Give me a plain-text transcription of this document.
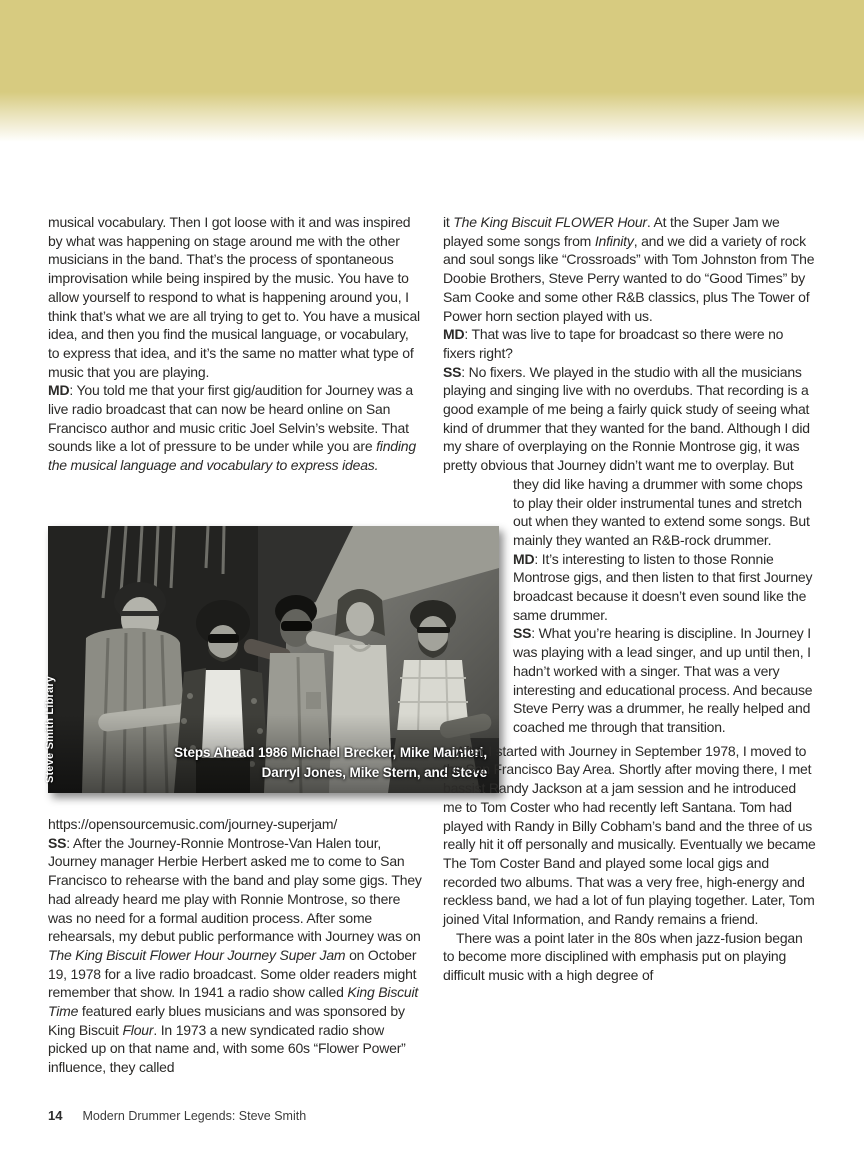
musical vocabulary. Then I got loose with it and was inspired by what was happening on stage around me with the other musicians in the band. That’s the process of spontaneous improvisation while being inspired by the music. You have to allow yourself to respond to what is happening around you, I think that’s what we are all trying to get to. You have a musical idea, and then you find the musical language, or vocabulary, to express that idea, and it’s the same no matter what type of music that you are playing.

MD: You told me that your first gig/audition for Journey was a live radio broadcast that can now be heard online on San Francisco author and music critic Joel Selvin’s website. That sounds like a lot of pressure to be under while you are finding the musical language and vocabulary to express ideas.

Steps Ahead 1986 Michael Brecker, Mike Mainieri,
Darryl Jones, Mike Stern, and Steve
Steve Smith Library

https://opensourcemusic.com/journey-superjam/

SS: After the Journey-Ronnie Montrose-Van Halen tour, Journey manager Herbie Herbert asked me to come to San Francisco to rehearse with the band and play some gigs. They had already heard me play with Ronnie Montrose, so there was no need for a formal audition process. After some rehearsals, my debut public performance with Journey was on The King Biscuit Flower Hour Journey Super Jam on October 19, 1978 for a live radio broadcast. Some older readers might remember that show. In 1941 a radio show called King Biscuit Time featured early blues musicians and was sponsored by King Biscuit Flour. In 1973 a new syndicated radio show picked up on that name and, with some 60s “Flower Power” influence, they called

it The King Biscuit FLOWER Hour. At the Super Jam we played some songs from Infinity, and we did a variety of rock and soul songs like “Crossroads” with Tom Johnston from The Doobie Brothers, Steve Perry wanted to do “Good Times” by Sam Cooke and some other R&B classics, plus The Tower of Power horn section played with us.

MD: That was live to tape for broadcast so there were no fixers right?

SS: No fixers. We played in the studio with all the musicians playing and singing live with no overdubs. That recording is a good example of me being a fairly quick study of seeing what kind of drummer that they wanted for the band. Although I did my share of overplaying on the Ronnie Montrose gig, it was pretty obvious that Journey didn’t want me to overplay. But

they did like having a drummer with some chops to play their older instrumental tunes and stretch out when they wanted to extend some songs. But mainly they wanted an R&B-rock drummer.

MD: It’s interesting to listen to those Ronnie Montrose gigs, and then listen to that first Journey broadcast because it doesn’t even sound like the same drummer.

SS: What you’re hearing is discipline. In Journey I was playing with a lead singer, and up until then, I hadn’t worked with a singer. That was a very interesting and educational process. And because Steve Perry was a drummer, he really helped and coached me through that transition.

After I started with Journey in September 1978, I moved to the San Francisco Bay Area. Shortly after moving there, I met bassist Randy Jackson at a jam session and he introduced me to Tom Coster who had recently left Santana. Tom had played with Randy in Billy Cobham’s band and the three of us really hit it off personally and musically. Eventually we became The Tom Coster Band and played some local gigs and recorded two albums. That was a very free, high-energy and reckless band, we had a lot of fun playing together. Later, Tom joined Vital Information, and Randy remains a friend.

There was a point later in the 80s when jazz-fusion began to become more disciplined with emphasis put on playing difficult music with a high degree of

14 Modern Drummer Legends: Steve Smith
